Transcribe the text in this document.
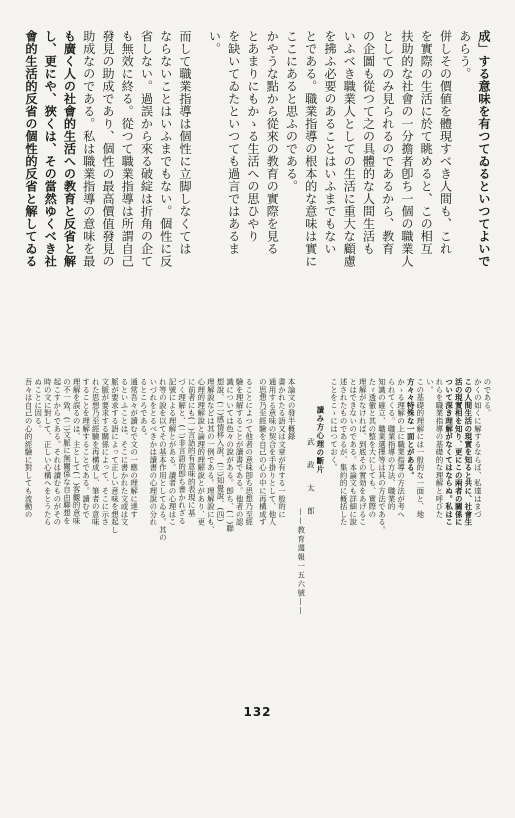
成」する意味を有つてゐるといつてよいで
あらう。
併しその價値を體現すべき人間も、これ
を實際の生活に於て眺めると、この相互
扶助的な社會の一分擔者卽ち一個の職業人
としてのみ見られるのであるから、教育
の企圖も從つて之の具體的な人間生活も
いふべき職業人としての生活に重大な顧慮
を拂ふ必要のあることはいふまでもない
とである。職業指導の根本的な意味は實に
ここにあると思ふのである。
かやうな點から從來の教育の實際を見る
とあまりにもかゝる生活への思ひやり
を缺いてゐたといつても過言ではあるま
い。
而して職業指導は個性に立脚しなくては
ならないことはいふまでもない。個性に反
省しない。過誤から來る破綻は折角の企て
も無效に終る。從つて職業指導は所謂自己
發見の助成であり、個性の最高價值發見の
助成なのである。私は職業指導の意味を最
も廣く人の社會的生活への教育と反省と解
し、更にや、狹くは、その當然ゆくべき社
會的生活的反省の個性的反省と解してゐる
のである。
かくの如くに解するならば、私達はまづ
この人間生活の現實を知ると共に、社會生
活の現實相を知り、更にこの兩者の關係に
ついて深き理解がなくてはならぬ。私はこ
れらを職業指導の基礎的な理解と呼びた
い。
この基礎的理解には一般的な一面と、地
方々々特殊な一面とがある。
かゝる理解の上に職業指導の方法が考へ
られてくる。職業指導の方法、職業的
知識の確立、職業選擇等は其の方法である。
たゞ透徹と其の整を大にしても、實際の
理解がなければ、到底その實効をあげるこ
とはできないのである。本論文も詳細に說
述されたものであるが、集約的に概括した
ことをこゝにはつておく。
讀み方心理の斷片
武　政　太　郎
——教育週報一五六號——
本論文の發半概錄
書かれたる語又は文章が有する一般的に
通用する意味の契合を手掛りとして、他人
の思想乃至經驗を自己の心の中に再構成す
ることによつて他者の意味卽ち思想乃至經
驗を理解することが讀書である。他者の認
識については色々の說がある。卽ち、(一)聯
想說、(二)感情移入說、(三)知覺說、(四)
理解說などは其の一例である。理解說にも、
心理的理解說と論理的理解說とがあり、更
に前者にも(一)言語的有意味的表現に基
づく理解と、(二)非言語的卽ち書かれざる
記號による理解とがある。讀者の心理はこ
れ等の說を以てその基本作用としてゐる。其の
いづれをとるべきかは讀書の心理說の分れ
るところである。
通常吾々が讀むで文の一應の理解に達す
るといふことは、そこに書かれた文或は文
脈が要求する語によって正しい意味を想起し
文脈が要求する關係によって、そこに示さ
れた思想乃至經驗を再構成し、筆者の意味
することを理解することである。讀むで
理解を誤るのは、主として(一)客觀的意味
の不一致、(二)文脈に無關係な自由聯想を
起こすからである。それは讀むものがその
時の文に對して、正しい心構へをとうたら
ぬことに因る。
吾々は自己の心的經驗に對しても流動の
132
